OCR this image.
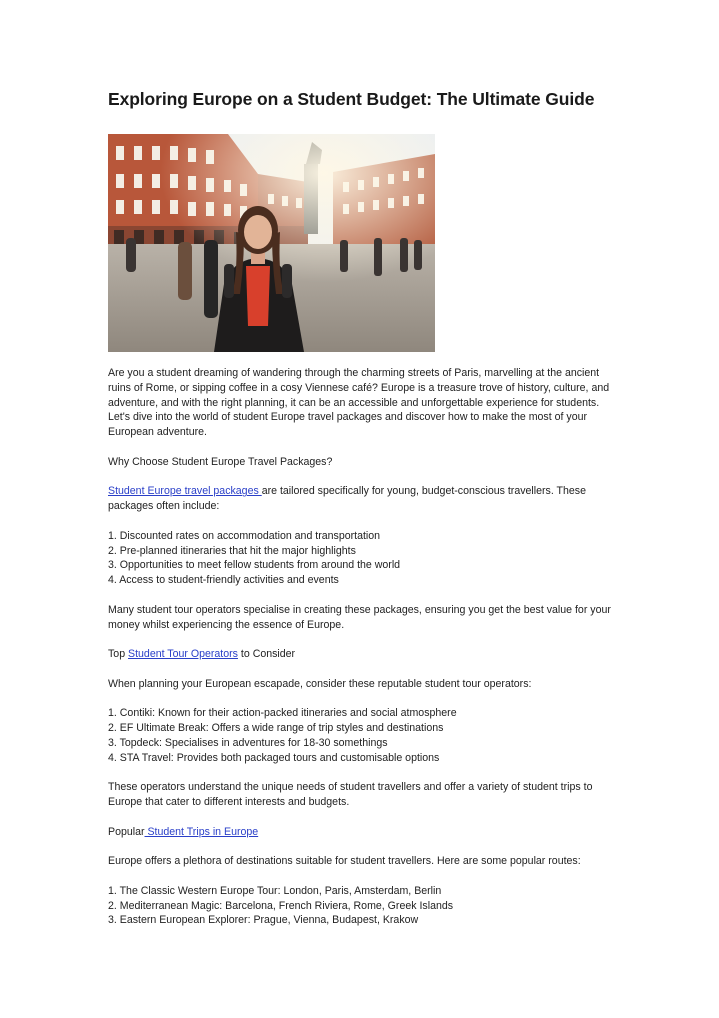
Exploring Europe on a Student Budget: The Ultimate Guide

Are you a student dreaming of wandering through the charming streets of Paris, marvelling at the ancient ruins of Rome, or sipping coffee in a cosy Viennese café? Europe is a treasure trove of history, culture, and adventure, and with the right planning, it can be an accessible and unforgettable experience for students. Let's dive into the world of student Europe travel packages and discover how to make the most of your European adventure.

Why Choose Student Europe Travel Packages?

Student Europe travel packages are tailored specifically for young, budget-conscious travellers. These packages often include:

1. Discounted rates on accommodation and transportation
2. Pre-planned itineraries that hit the major highlights
3. Opportunities to meet fellow students from around the world
4. Access to student-friendly activities and events

Many student tour operators specialise in creating these packages, ensuring you get the best value for your money whilst experiencing the essence of Europe.

Top Student Tour Operators to Consider

When planning your European escapade, consider these reputable student tour operators:

1. Contiki: Known for their action-packed itineraries and social atmosphere
2. EF Ultimate Break: Offers a wide range of trip styles and destinations
3. Topdeck: Specialises in adventures for 18-30 somethings
4. STA Travel: Provides both packaged tours and customisable options

These operators understand the unique needs of student travellers and offer a variety of student trips to Europe that cater to different interests and budgets.

Popular Student Trips in Europe

Europe offers a plethora of destinations suitable for student travellers. Here are some popular routes:

1. The Classic Western Europe Tour: London, Paris, Amsterdam, Berlin
2. Mediterranean Magic: Barcelona, French Riviera, Rome, Greek Islands
3. Eastern European Explorer: Prague, Vienna, Budapest, Krakow
